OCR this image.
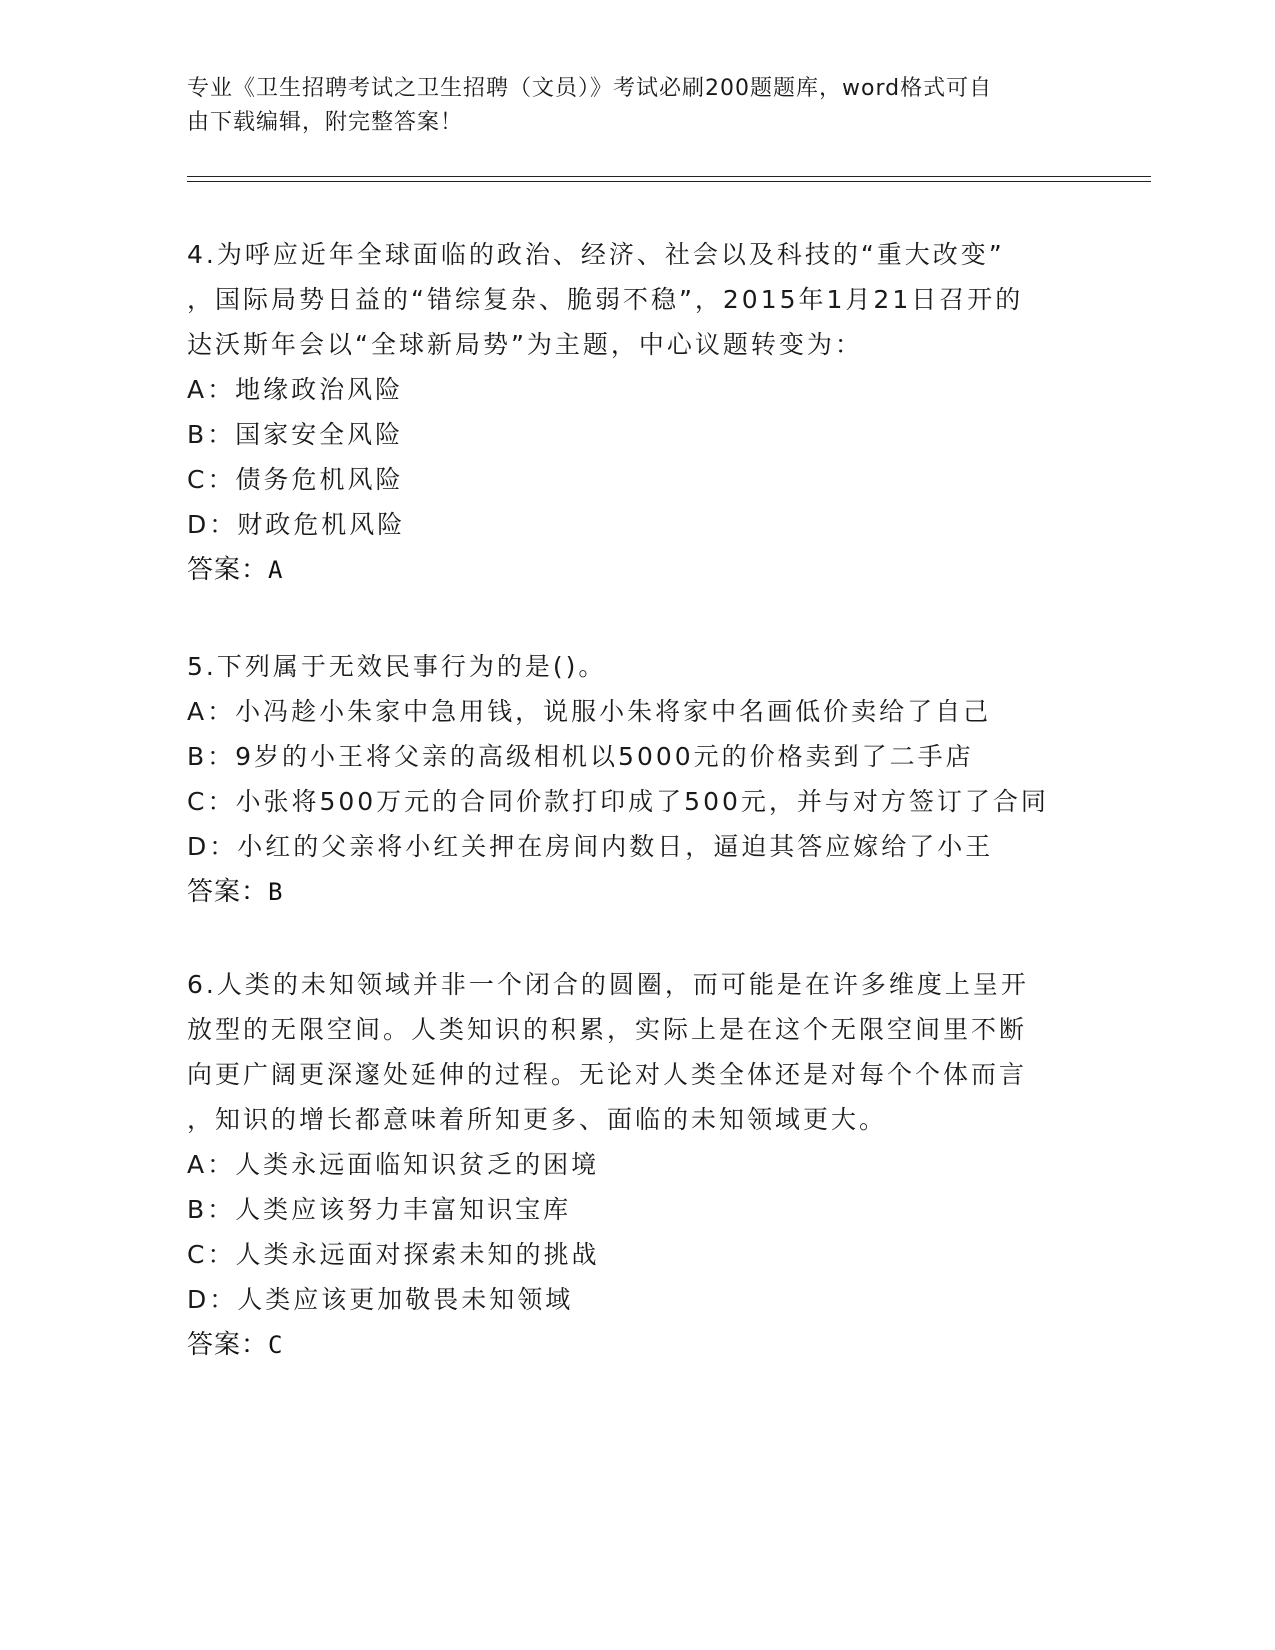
专业《卫生招聘考试之卫生招聘（文员）》考试必刷200题题库，word格式可自
由下载编辑，附完整答案！
4.为呼应近年全球面临的政治、经济、社会以及科技的“重大改变”
，国际局势日益的“错综复杂、脆弱不稳”，2015年1月21日召开的
达沃斯年会以“全球新局势”为主题，中心议题转变为：
A：地缘政治风险
B：国家安全风险
C：债务危机风险
D：财政危机风险
答案：A
5.下列属于无效民事行为的是()。
A：小冯趁小朱家中急用钱，说服小朱将家中名画低价卖给了自己
B：9岁的小王将父亲的高级相机以5000元的价格卖到了二手店
C：小张将500万元的合同价款打印成了500元，并与对方签订了合同
D：小红的父亲将小红关押在房间内数日，逼迫其答应嫁给了小王
答案：B
6.人类的未知领域并非一个闭合的圆圈，而可能是在许多维度上呈开
放型的无限空间。人类知识的积累，实际上是在这个无限空间里不断
向更广阔更深邃处延伸的过程。无论对人类全体还是对每个个体而言
，知识的增长都意味着所知更多、面临的未知领域更大。
A：人类永远面临知识贫乏的困境
B：人类应该努力丰富知识宝库
C：人类永远面对探索未知的挑战
D：人类应该更加敬畏未知领域
答案：C
